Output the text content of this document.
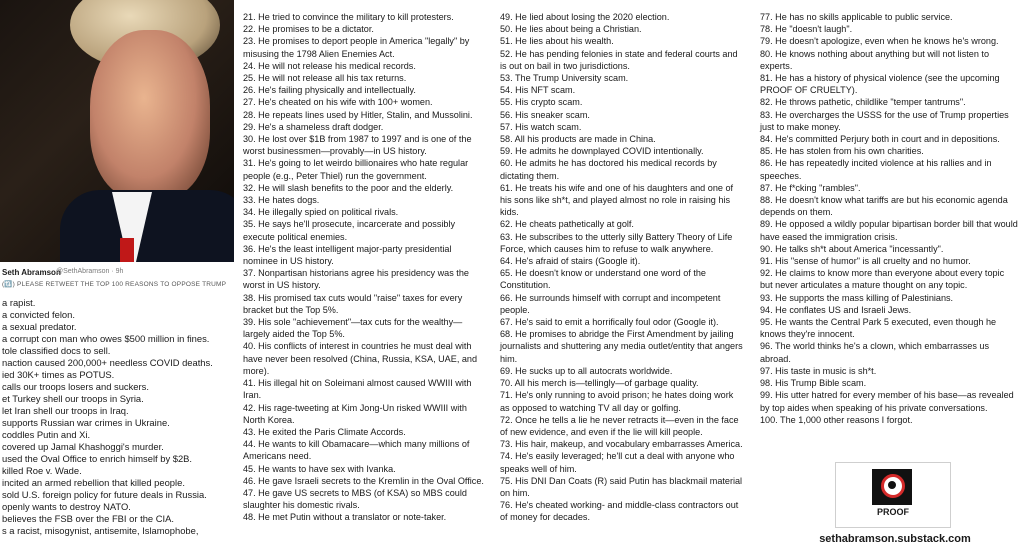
Seth Abramson
@SethAbramson · 9h
(🔃) PLEASE RETWEET THE TOP 100 REASONS TO OPPOSE TRUMP
a rapist.
a convicted felon.
a sexual predator.
a corrupt con man who owes $500 million in fines.
tole classified docs to sell.
naction caused 200,000+ needless COVID deaths.
ied 30K+ times as POTUS.
calls our troops losers and suckers.
et Turkey shell our troops in Syria.
let Iran shell our troops in Iraq.
supports Russian war crimes in Ukraine.
coddles Putin and Xi.
covered up Jamal Khashoggi's murder.
used the Oval Office to enrich himself by $2B.
killed Roe v. Wade.
incited an armed rebellion that killed people.
sold U.S. foreign policy for future deals in Russia.
openly wants to destroy NATO.
believes the FSB over the FBI or the CIA.
s a racist, misogynist, antisemite, Islamophobe,
21. He tried to convince the military to kill protesters.
22. He promises to be a dictator.
23. He promises to deport people in America "legally" by misusing the 1798 Alien Enemies Act.
24. He will not release his medical records.
25. He will not release all his tax returns.
26. He's failing physically and intellectually.
27. He's cheated on his wife with 100+ women.
28. He repeats lines used by Hitler, Stalin, and Mussolini.
29. He's a shameless draft dodger.
30. He lost over $1B from 1987 to 1997 and is one of the worst businessmen—provably—in US history.
31. He's going to let weirdo billionaires who hate regular people (e.g., Peter Thiel) run the government.
32. He will slash benefits to the poor and the elderly.
33. He hates dogs.
34. He illegally spied on political rivals.
35. He says he'll prosecute, incarcerate and possibly execute political enemies.
36. He's the least intelligent major-party presidential nominee in US history.
37. Nonpartisan historians agree his presidency was the worst in US history.
38. His promised tax cuts would "raise" taxes for every bracket but the Top 5%.
39. His sole "achievement"—tax cuts for the wealthy—largely aided the Top 5%.
40. His conflicts of interest in countries he must deal with have never been resolved (China, Russia, KSA, UAE, and more).
41. His illegal hit on Soleimani almost caused WWIII with Iran.
42. His rage-tweeting at Kim Jong-Un risked WWIII with North Korea.
43. He exited the Paris Climate Accords.
44. He wants to kill Obamacare—which many millions of Americans need.
45. He wants to have sex with Ivanka.
46. He gave Israeli secrets to the Kremlin in the Oval Office.
47. He gave US secrets to MBS (of KSA) so MBS could slaughter his domestic rivals.
48. He met Putin without a translator or note-taker.
49. He lied about losing the 2020 election.
50. He lies about being a Christian.
51. He lies about his wealth.
52. He has pending felonies in state and federal courts and is out on bail in two jurisdictions.
53. The Trump University scam.
54. His NFT scam.
55. His crypto scam.
56. His sneaker scam.
57. His watch scam.
58. All his products are made in China.
59. He admits he downplayed COVID intentionally.
60. He admits he has doctored his medical records by dictating them.
61. He treats his wife and one of his daughters and one of his sons like sh*t, and played almost no role in raising his kids.
62. He cheats pathetically at golf.
63. He subscribes to the utterly silly Battery Theory of Life Force, which causes him to refuse to walk anywhere.
64. He's afraid of stairs (Google it).
65. He doesn't know or understand one word of the Constitution.
66. He surrounds himself with corrupt and incompetent people.
67. He's said to emit a horrifically foul odor (Google it).
68. He promises to abridge the First Amendment by jailing journalists and shuttering any media outlet/entity that angers him.
69. He sucks up to all autocrats worldwide.
70. All his merch is—tellingly—of garbage quality.
71. He's only running to avoid prison; he hates doing work as opposed to watching TV all day or golfing.
72. Once he tells a lie he never retracts it—even in the face of new evidence, and even if the lie will kill people.
73. His hair, makeup, and vocabulary embarrasses America.
74. He's easily leveraged; he'll cut a deal with anyone who speaks well of him.
75. His DNI Dan Coats (R) said Putin has blackmail material on him.
76. He's cheated working- and middle-class contractors out of money for decades.
77. He has no skills applicable to public service.
78. He "doesn't laugh".
79. He doesn't apologize, even when he knows he's wrong.
80. He knows nothing about anything but will not listen to experts.
81. He has a history of physical violence (see the upcoming PROOF OF CRUELTY).
82. He throws pathetic, childlike "temper tantrums".
83. He overcharges the USSS for the use of Trump properties just to make money.
84. He's committed Perjury both in court and in depositions.
85. He has stolen from his own charities.
86. He has repeatedly incited violence at his rallies and in speeches.
87. He f*cking "rambles".
88. He doesn't know what tariffs are but his economic agenda depends on them.
89. He opposed a wildly popular bipartisan border bill that would have eased the immigration crisis.
90. He talks sh*t about America "incessantly".
91. His "sense of humor" is all cruelty and no humor.
92. He claims to know more than everyone about every topic but never articulates a mature thought on any topic.
93. He supports the mass killing of Palestinians.
94. He conflates US and Israeli Jews.
95. He wants the Central Park 5 executed, even though he knows they're innocent.
96. The world thinks he's a clown, which embarrasses us abroad.
97. His taste in music is sh*t.
98. His Trump Bible scam.
99. His utter hatred for every member of his base—as revealed by top aides when speaking of his private conversations.
100. The 1,000 other reasons I forgot.
PROOF
sethabramson.substack.com
